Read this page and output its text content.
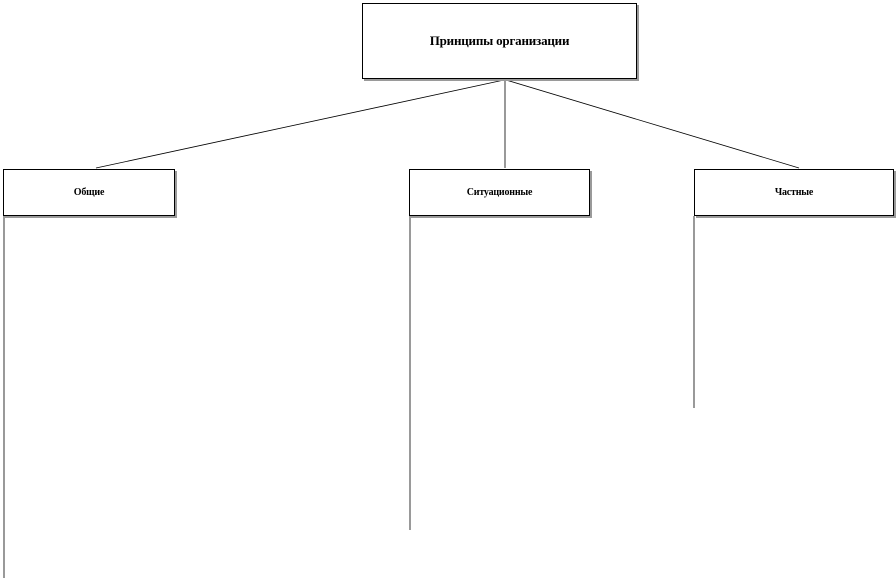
Принципы организации
Общие	Ситуационные	Частные
